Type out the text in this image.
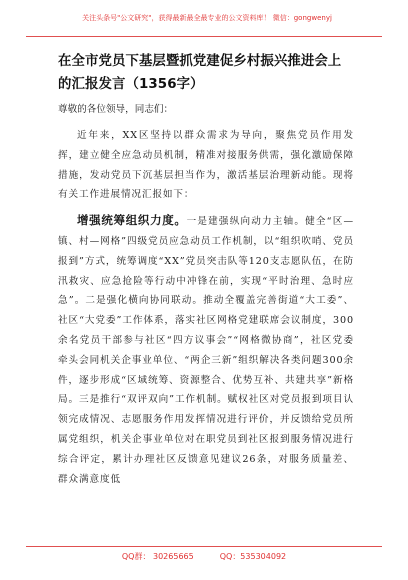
关注头条号"公文研究"，获得最新最全最专业的公文资料库！ 微信：gongwenyj
在全市党员下基层暨抓党建促乡村振兴推进会上的汇报发言（1356字）

尊敬的各位领导，同志们：

近年来，XX区坚持以群众需求为导向，聚焦党员作用发挥，建立健全应急动员机制，精准对接服务供需，强化激励保障措施，发动党员下沉基层担当作为，激活基层治理新动能。现将有关工作进展情况汇报如下：

增强统筹组织力度。一是建强纵向动力主轴。健全“区—镇、村—网格”四级党员应急动员工作机制，以“组织吹哨、党员报到”方式，统筹调度“XX”党员突击队等120支志愿队伍，在防汛救灾、应急抢险等行动中冲锋在前，实现“平时治理、急时应急”。二是强化横向协同联动。推动全覆盖完善街道“大工委”、社区“大党委”工作体系，落实社区网格党建联席会议制度，300余名党员干部参与社区“四方议事会”“网格微协商”，社区党委牵头会同机关企事业单位、“两企三新”组织解决各类问题300余件，逐步形成“区域统筹、资源整合、优势互补、共建共享”新格局。三是推行“双评双向”工作机制。赋权社区对党员报到项目认领完成情况、志愿服务作用发挥情况进行评价，并反馈给党员所属党组织，机关企事业单位对在职党员到社区报到服务情况进行综合评定，累计办理社区反馈意见建议26条，对服务质量差、群众满意度低

QQ群： 30265665	QQ：535304092
